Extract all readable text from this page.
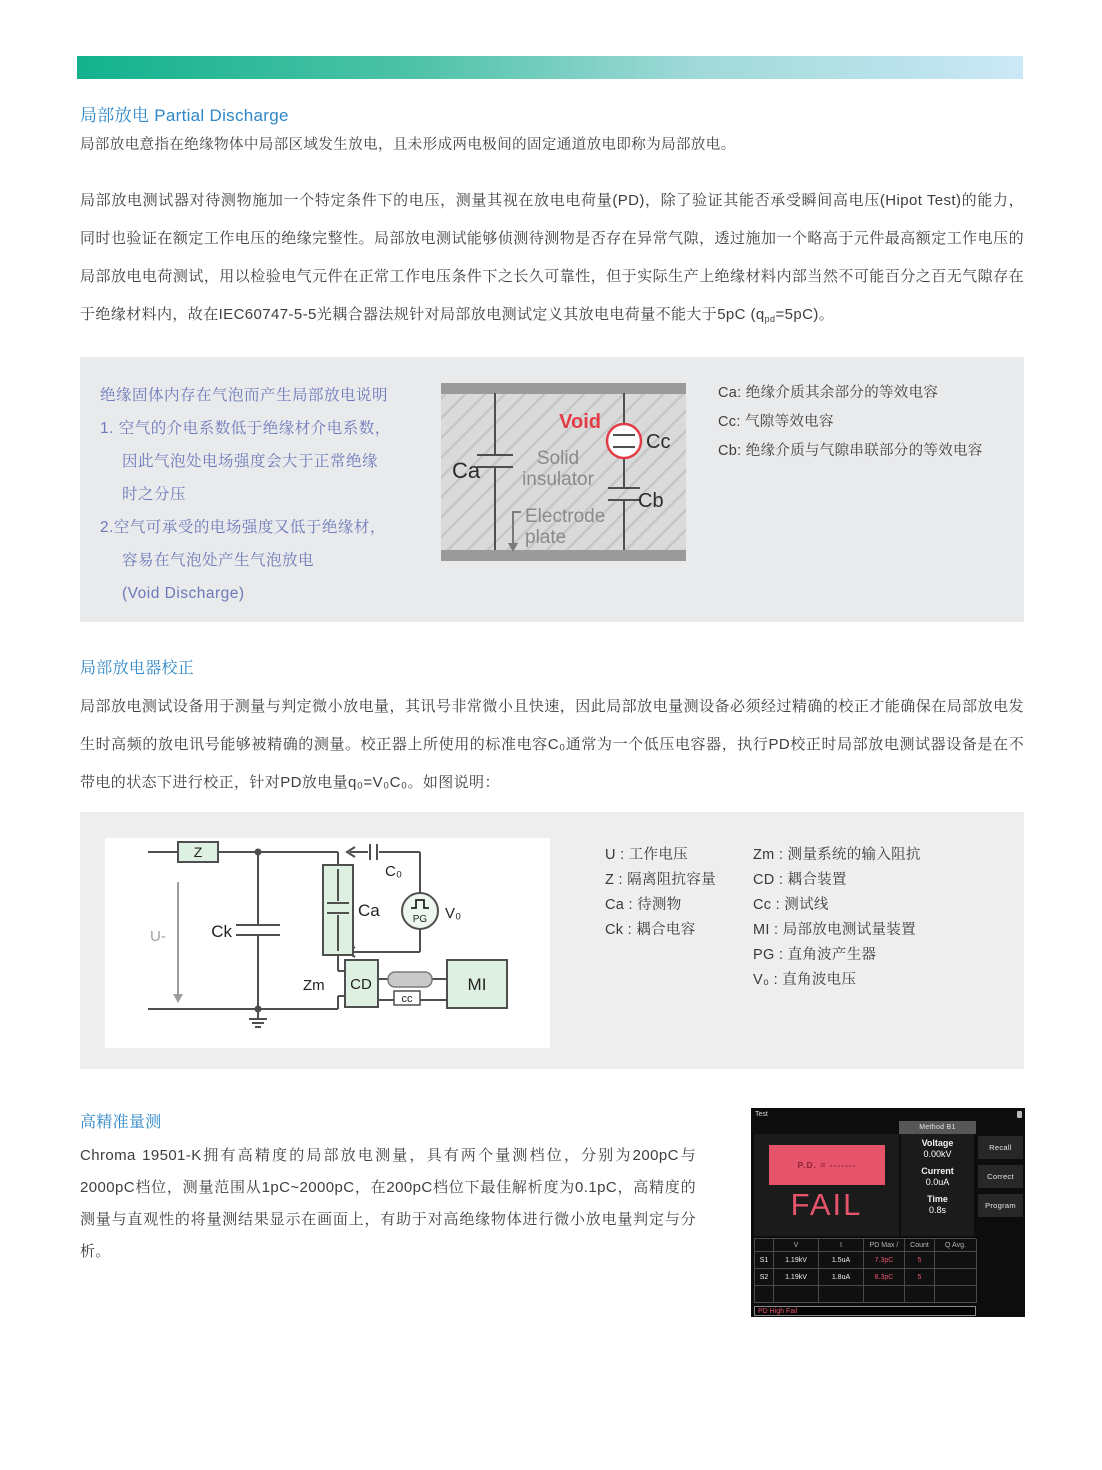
局部放电 Partial Discharge

局部放电意指在绝缘物体中局部区域发生放电，且未形成两电极间的固定通道放电即称为局部放电。

局部放电测试器对待测物施加一个特定条件下的电压，测量其视在放电电荷量(PD)，除了验证其能否承受瞬间高电压(Hipot Test)的能力，同时也验证在额定工作电压的绝缘完整性。局部放电测试能够侦测待测物是否存在异常气隙，透过施加一个略高于元件最高额定工作电压的局部放电电荷测试，用以检验电气元件在正常工作电压条件下之长久可靠性，但于实际生产上绝缘材料内部当然不可能百分之百无气隙存在于绝缘材料内，故在IEC60747-5-5光耦合器法规针对局部放电测试定义其放电电荷量不能大于5pC $(q_{pd}=5pC)$。

绝缘固体内存在气泡而产生局部放电说明
1. 空气的介电系数低于绝缘材介电系数，
因此气泡处电场强度会大于正常绝缘
时之分压
2.空气可承受的电场强度又低于绝缘材，
容易在气泡处产生气泡放电
(Void Discharge)
Ca
Void
Cc
Cb
Solid
insulator
Electrode
plate
Ca: 绝缘介质其余部分的等效电容
Cc: 气隙等效电容
Cb: 绝缘介质与气隙串联部分的等效电容
局部放电器校正

局部放电测试设备用于测量与判定微小放电量，其讯号非常微小且快速，因此局部放电量测设备必须经过精确的校正才能确保在局部放电发生时高频的放电讯号能够被精确的测量。校正器上所使用的标准电容C₀通常为一个低压电容器，执行PD校正时局部放电测试器设备是在不带电的状态下进行校正，针对PD放电量q₀=V₀C₀。如图说明：

U-
Z
Ck
Ca
C₀
PG V₀
Zm CD
cc
MI
U : 工作电压
Z : 隔离阻抗容量
Ca : 待测物
Ck : 耦合电容
Zm : 测量系统的输入阻抗
CD : 耦合装置
Cc : 测试线
MI : 局部放电测试量装置
PG : 直角波产生器
V₀ : 直角波电压
高精准量测

Chroma 19501-K拥有高精度的局部放电测量，具有两个量测档位，分别为200pC与2000pC档位，测量范围从1pC~2000pC，在200pC档位下最佳解析度为0.1pC，高精度的测量与直观性的将量测结果显示在画面上，有助于对高绝缘物体进行微小放电量判定与分析。

Test
Method B1
P.D. = -------
FAIL
Voltage
0.00kV
Current
0.0uA
Time
0.8s
Recall
Correct
Program
V	I	PD Max /	Count	Q Avg.
S1	1.19kV	1.5uA	7.3pC	5
S2	1.19kV	1.8uA	8.3pC	5
PD High Fail
